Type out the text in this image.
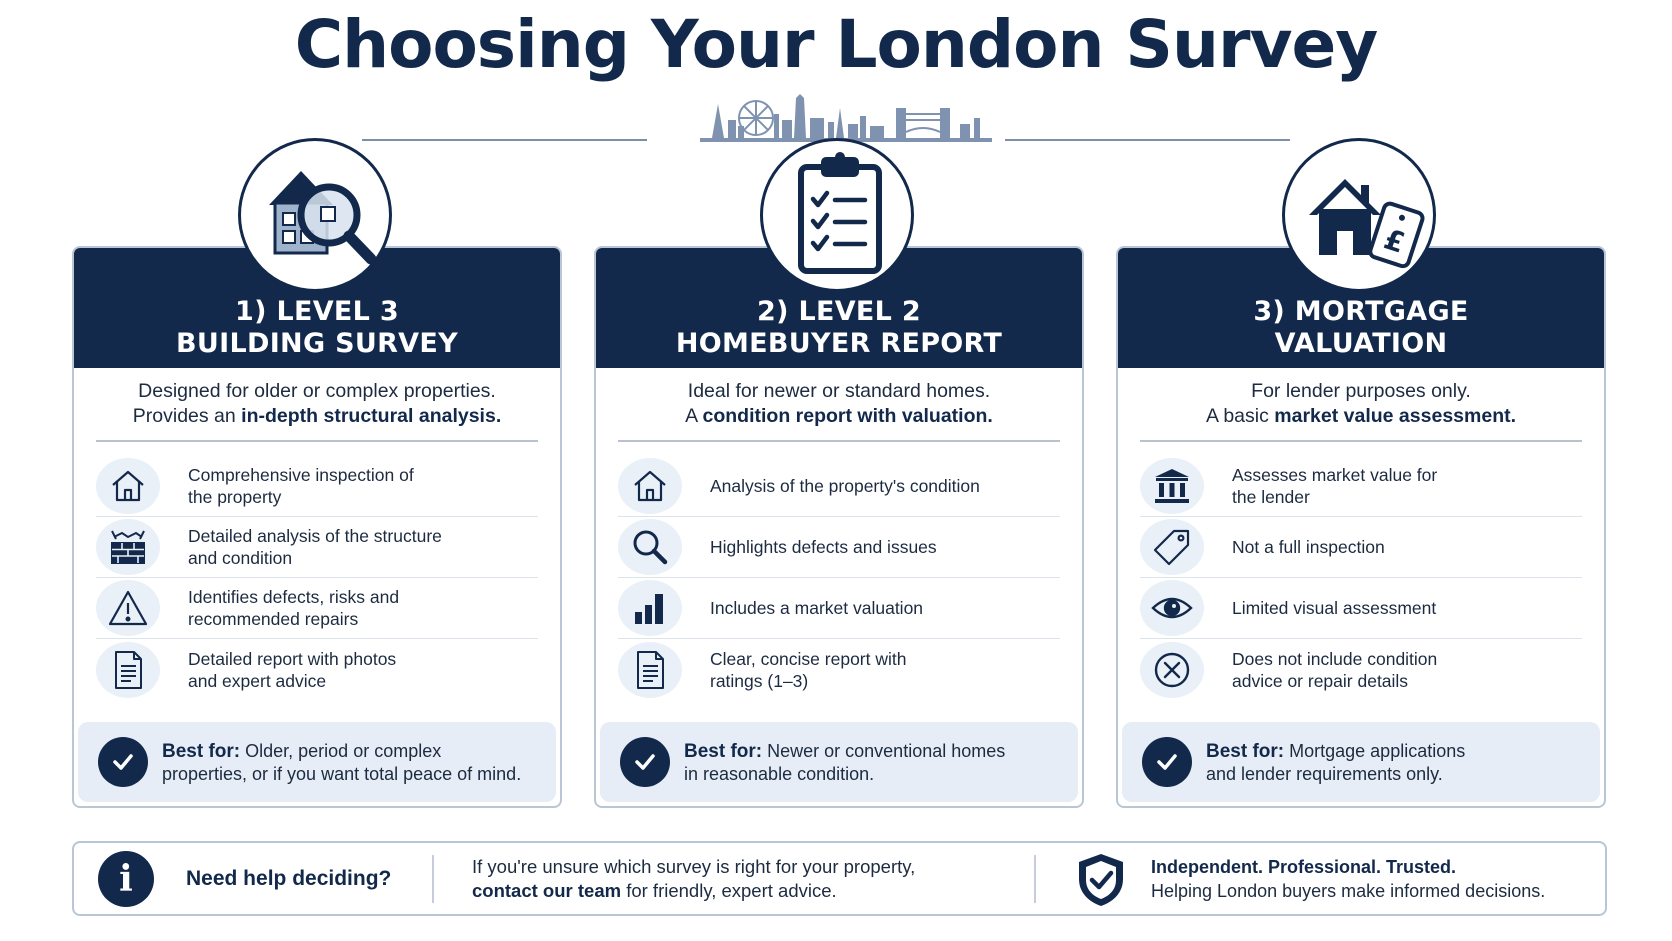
Choosing Your London Survey
1) LEVEL 3
BUILDING SURVEY
Designed for older or complex properties.
Provides an in-depth structural analysis.
Comprehensive inspection of
the property
Detailed analysis of the structure
and condition
Identifies defects, risks and
recommended repairs
Detailed report with photos
and expert advice
Best for: Older, period or complex
properties, or if you want total peace of mind.
2) LEVEL 2
HOMEBUYER REPORT
Ideal for newer or standard homes.
A condition report with valuation.
Analysis of the property's condition
Highlights defects and issues
Includes a market valuation
Clear, concise report with
ratings (1–3)
Best for: Newer or conventional homes
in reasonable condition.
3) MORTGAGE
VALUATION
For lender purposes only.
A basic market value assessment.
Assesses market value for
the lender
Not a full inspection
Limited visual assessment
Does not include condition
advice or repair details
Best for: Mortgage applications
and lender requirements only.
£
i	Need help deciding?
If you're unsure which survey is right for your property,
contact our team for friendly, expert advice.
Independent. Professional. Trusted.
Helping London buyers make informed decisions.
